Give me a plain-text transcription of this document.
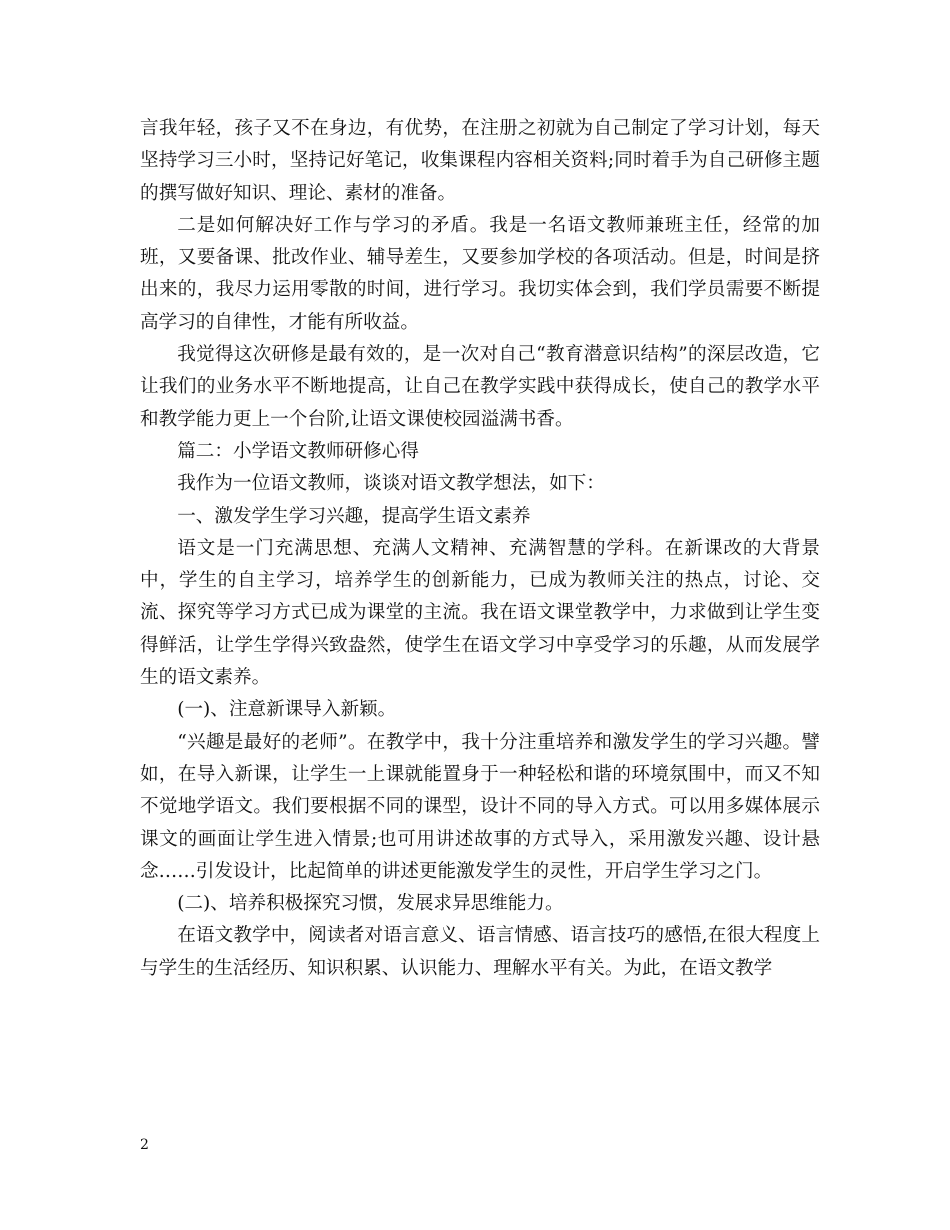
言我年轻，孩子又不在身边，有优势，在注册之初就为自己制定了学习计划，每天坚持学习三小时，坚持记好笔记，收集课程内容相关资料;同时着手为自己研修主题的撰写做好知识、理论、素材的准备。

二是如何解决好工作与学习的矛盾。我是一名语文教师兼班主任，经常的加班，又要备课、批改作业、辅导差生，又要参加学校的各项活动。但是，时间是挤出来的，我尽力运用零散的时间，进行学习。我切实体会到，我们学员需要不断提高学习的自律性，才能有所收益。

我觉得这次研修是最有效的，是一次对自己“教育潜意识结构”的深层改造，它让我们的业务水平不断地提高，让自己在教学实践中获得成长，使自己的教学水平和教学能力更上一个台阶,让语文课使校园溢满书香。

篇二：小学语文教师研修心得

我作为一位语文教师，谈谈对语文教学想法，如下：

一、激发学生学习兴趣，提高学生语文素养

语文是一门充满思想、充满人文精神、充满智慧的学科。在新课改的大背景中，学生的自主学习，培养学生的创新能力，已成为教师关注的热点，讨论、交流、探究等学习方式已成为课堂的主流。我在语文课堂教学中，力求做到让学生变得鲜活，让学生学得兴致盎然，使学生在语文学习中享受学习的乐趣，从而发展学生的语文素养。

(一)、注意新课导入新颖。

“兴趣是最好的老师”。在教学中，我十分注重培养和激发学生的学习兴趣。譬如，在导入新课，让学生一上课就能置身于一种轻松和谐的环境氛围中，而又不知不觉地学语文。我们要根据不同的课型，设计不同的导入方式。可以用多媒体展示课文的画面让学生进入情景;也可用讲述故事的方式导入，采用激发兴趣、设计悬念……引发设计，比起简单的讲述更能激发学生的灵性，开启学生学习之门。

(二)、培养积极探究习惯，发展求异思维能力。

在语文教学中，阅读者对语言意义、语言情感、语言技巧的感悟,在很大程度上与学生的生活经历、知识积累、认识能力、理解水平有关。为此，在语文教学

2
